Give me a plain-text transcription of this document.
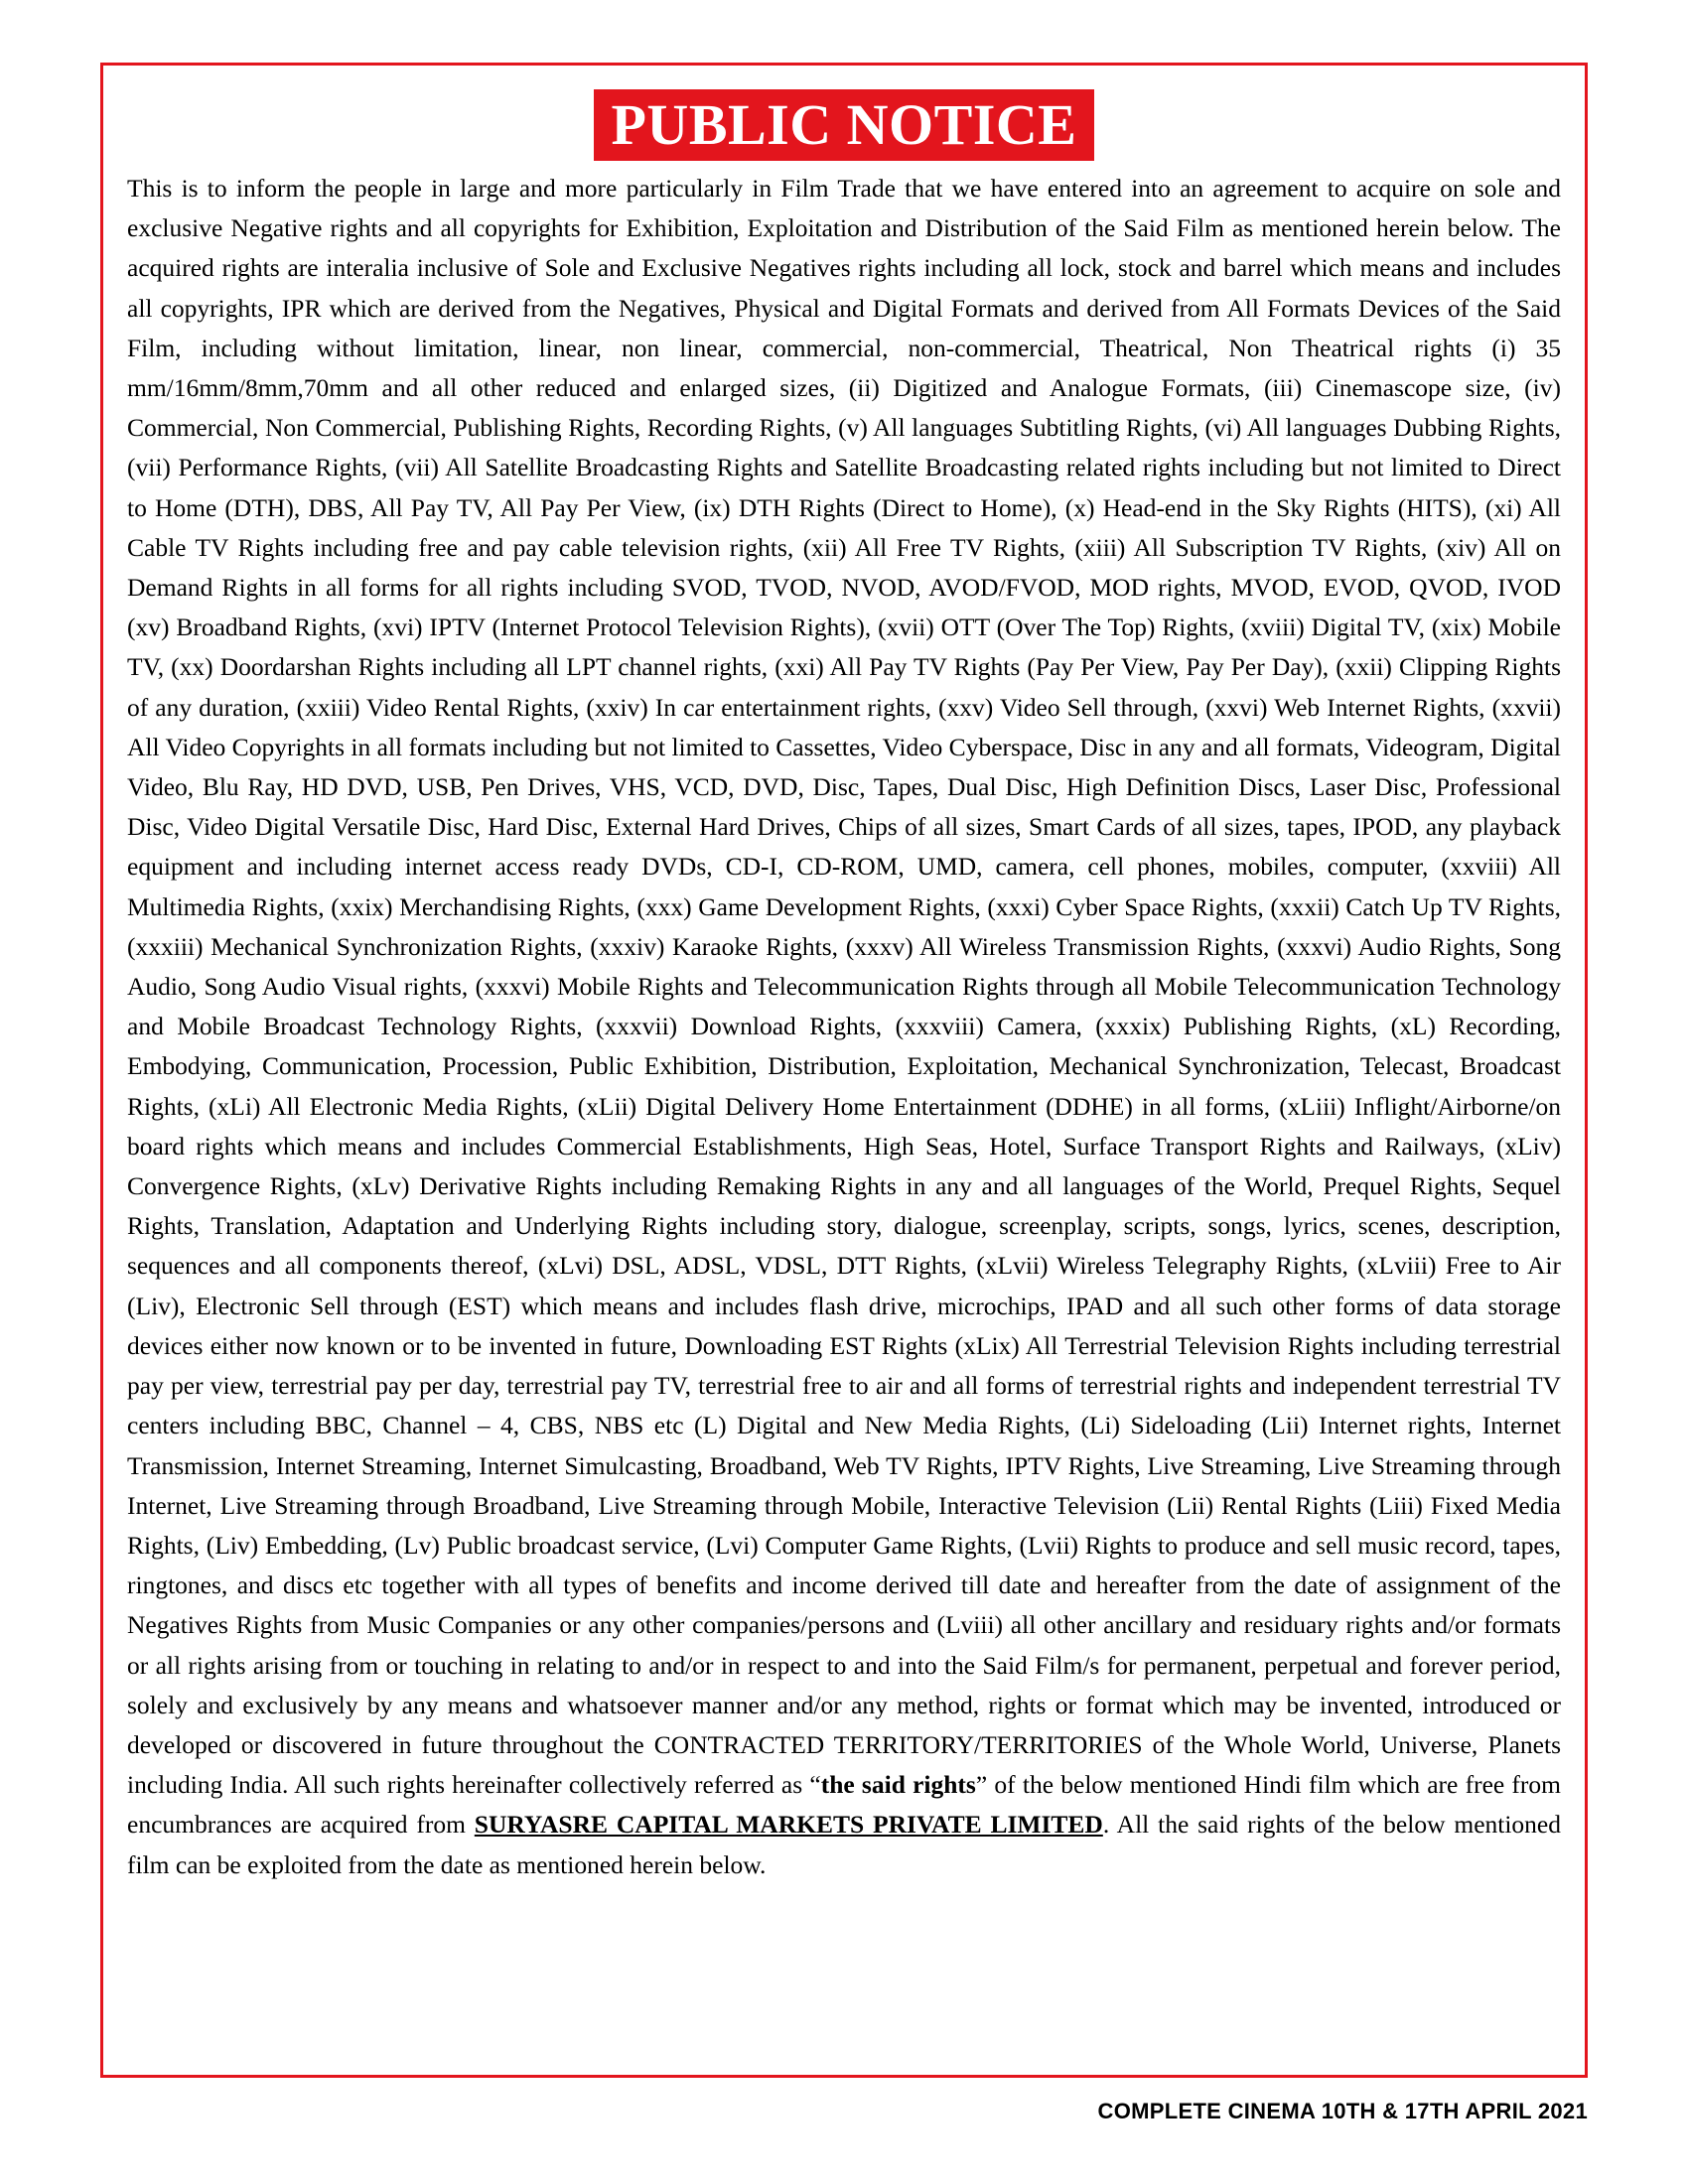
PUBLIC NOTICE

This is to inform the people in large and more particularly in Film Trade that we have entered into an agreement to acquire on sole and exclusive Negative rights and all copyrights for Exhibition, Exploitation and Distribution of the Said Film as mentioned herein below. The acquired rights are interalia inclusive of Sole and Exclusive Negatives rights including all lock, stock and barrel which means and includes all copyrights, IPR which are derived from the Negatives, Physical and Digital Formats and derived from All Formats Devices of the Said Film, including without limitation, linear, non linear, commercial, non-commercial, Theatrical, Non Theatrical rights (i) 35 mm/16mm/8mm,70mm and all other reduced and enlarged sizes, (ii) Digitized and Analogue Formats, (iii) Cinemascope size, (iv) Commercial, Non Commercial, Publishing Rights, Recording Rights, (v) All languages Subtitling Rights, (vi) All languages Dubbing Rights, (vii) Performance Rights, (vii) All Satellite Broadcasting Rights and Satellite Broadcasting related rights including but not limited to Direct to Home (DTH), DBS, All Pay TV, All Pay Per View, (ix) DTH Rights (Direct to Home), (x) Head-end in the Sky Rights (HITS), (xi) All Cable TV Rights including free and pay cable television rights, (xii) All Free TV Rights, (xiii) All Subscription TV Rights, (xiv) All on Demand Rights in all forms for all rights including SVOD, TVOD, NVOD, AVOD/FVOD, MOD rights, MVOD, EVOD, QVOD, IVOD (xv) Broadband Rights, (xvi) IPTV (Internet Protocol Television Rights), (xvii) OTT (Over The Top) Rights, (xviii) Digital TV, (xix) Mobile TV, (xx) Doordarshan Rights including all LPT channel rights, (xxi) All Pay TV Rights (Pay Per View, Pay Per Day), (xxii) Clipping Rights of any duration, (xxiii) Video Rental Rights, (xxiv) In car entertainment rights, (xxv) Video Sell through, (xxvi) Web Internet Rights, (xxvii) All Video Copyrights in all formats including but not limited to Cassettes, Video Cyberspace, Disc in any and all formats, Videogram, Digital Video, Blu Ray, HD DVD, USB, Pen Drives, VHS, VCD, DVD, Disc, Tapes, Dual Disc, High Definition Discs, Laser Disc, Professional Disc, Video Digital Versatile Disc, Hard Disc, External Hard Drives, Chips of all sizes, Smart Cards of all sizes, tapes, IPOD, any playback equipment and including internet access ready DVDs, CD-I, CD-ROM, UMD, camera, cell phones, mobiles, computer, (xxviii) All Multimedia Rights, (xxix) Merchandising Rights, (xxx) Game Development Rights, (xxxi) Cyber Space Rights, (xxxii) Catch Up TV Rights, (xxxiii) Mechanical Synchronization Rights, (xxxiv) Karaoke Rights, (xxxv) All Wireless Transmission Rights, (xxxvi) Audio Rights, Song Audio, Song Audio Visual rights, (xxxvi) Mobile Rights and Telecommunication Rights through all Mobile Telecommunication Technology and Mobile Broadcast Technology Rights, (xxxvii) Download Rights, (xxxviii) Camera, (xxxix) Publishing Rights, (xL) Recording, Embodying, Communication, Procession, Public Exhibition, Distribution, Exploitation, Mechanical Synchronization, Telecast, Broadcast Rights, (xLi) All Electronic Media Rights, (xLii) Digital Delivery Home Entertainment (DDHE) in all forms, (xLiii) Inflight/Airborne/on board rights which means and includes Commercial Establishments, High Seas, Hotel, Surface Transport Rights and Railways, (xLiv) Convergence Rights, (xLv) Derivative Rights including Remaking Rights in any and all languages of the World, Prequel Rights, Sequel Rights, Translation, Adaptation and Underlying Rights including story, dialogue, screenplay, scripts, songs, lyrics, scenes, description, sequences and all components thereof, (xLvi) DSL, ADSL, VDSL, DTT Rights, (xLvii) Wireless Telegraphy Rights, (xLviii) Free to Air (Liv), Electronic Sell through (EST) which means and includes flash drive, microchips, IPAD and all such other forms of data storage devices either now known or to be invented in future, Downloading EST Rights (xLix) All Terrestrial Television Rights including terrestrial pay per view, terrestrial pay per day, terrestrial pay TV, terrestrial free to air and all forms of terrestrial rights and independent terrestrial TV centers including BBC, Channel – 4, CBS, NBS etc (L) Digital and New Media Rights, (Li) Sideloading (Lii) Internet rights, Internet Transmission, Internet Streaming, Internet Simulcasting, Broadband, Web TV Rights, IPTV Rights, Live Streaming, Live Streaming through Internet, Live Streaming through Broadband, Live Streaming through Mobile, Interactive Television (Lii) Rental Rights (Liii) Fixed Media Rights, (Liv) Embedding, (Lv) Public broadcast service, (Lvi) Computer Game Rights, (Lvii) Rights to produce and sell music record, tapes, ringtones, and discs etc together with all types of benefits and income derived till date and hereafter from the date of assignment of the Negatives Rights from Music Companies or any other companies/persons and (Lviii) all other ancillary and residuary rights and/or formats or all rights arising from or touching in relating to and/or in respect to and into the Said Film/s for permanent, perpetual and forever period, solely and exclusively by any means and whatsoever manner and/or any method, rights or format which may be invented, introduced or developed or discovered in future throughout the CONTRACTED TERRITORY/TERRITORIES of the Whole World, Universe, Planets including India. All such rights hereinafter collectively referred as “the said rights” of the below mentioned Hindi film which are free from encumbrances are acquired from SURYASRE CAPITAL MARKETS PRIVATE LIMITED. All the said rights of the below mentioned film can be exploited from the date as mentioned herein below.

COMPLETE CINEMA 10TH & 17TH APRIL 2021
